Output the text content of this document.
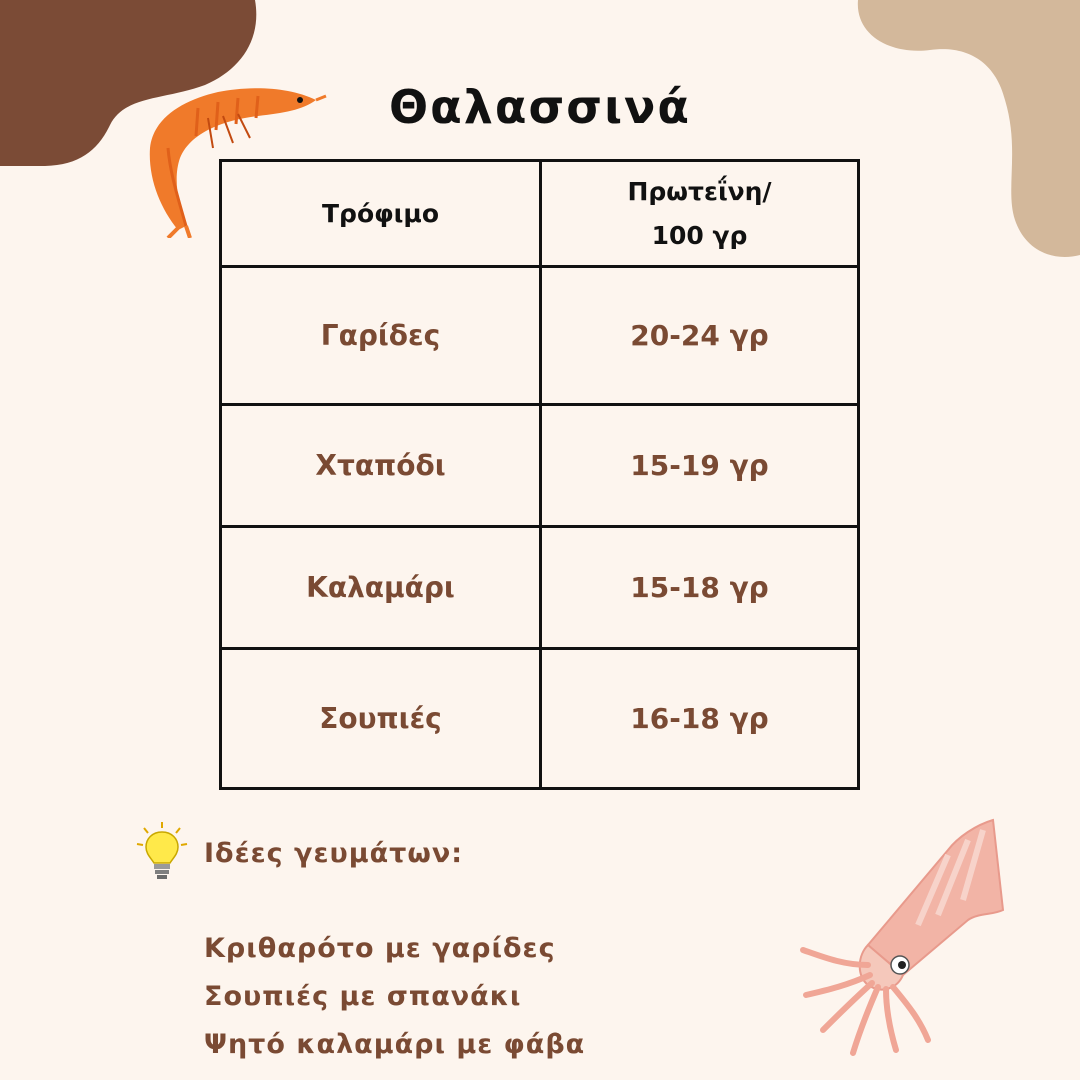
Θαλασσινά
Τρόφιμο	Πρωτεΐνη/
100 γρ

Γαρίδες	20-24 γρ
Χταπόδι	15-19 γρ
Καλαμάρι	15-18 γρ
Σουπιές	16-18 γρ
Ιδέες γευμάτων:
Κριθαρότο με γαρίδες
Σουπιές με σπανάκι
Ψητό καλαμάρι με φάβα
